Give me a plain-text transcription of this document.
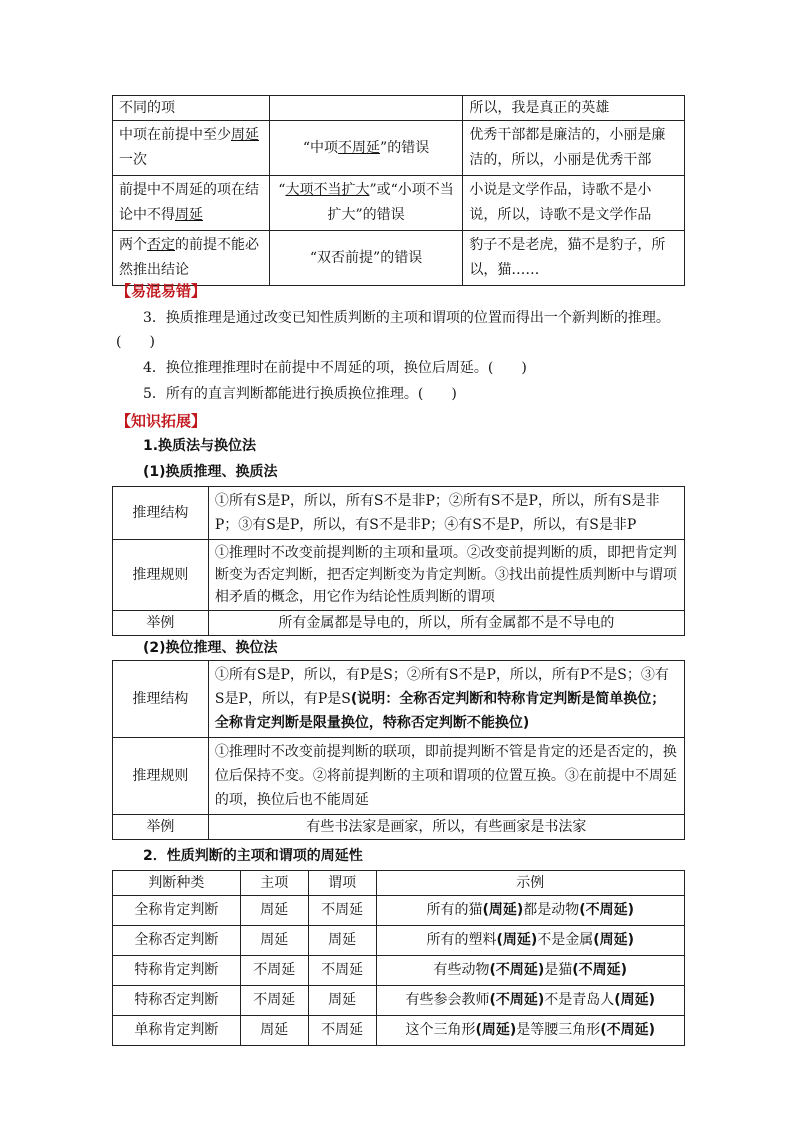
不同的项		所以，我是真正的英雄
中项在前提中至少周延一次	“中项不周延”的错误	优秀干部都是廉洁的，小丽是廉洁的，所以，小丽是优秀干部
前提中不周延的项在结论中不得周延	“大项不当扩大”或“小项不当扩大”的错误	小说是文学作品，诗歌不是小说，所以，诗歌不是文学作品
两个否定的前提不能必然推出结论	“双否前提”的错误	豹子不是老虎，猫不是豹子，所以，猫……
【易混易错】
3．换质推理是通过改变已知性质判断的主项和谓项的位置而得出一个新判断的推理。
(　　)
4．换位推理推理时在前提中不周延的项，换位后周延。(　　)
5．所有的直言判断都能进行换质换位推理。(　　)
【知识拓展】
1.换质法与换位法
(1)换质推理、换质法
推理结构	①所有S是P，所以，所有S不是非P；②所有S不是P，所以，所有S是非P；③有S是P，所以，有S不是非P；④有S不是P，所以，有S是非P
推理规则	①推理时不改变前提判断的主项和量项。②改变前提判断的质，即把肯定判断变为否定判断，把否定判断变为肯定判断。③找出前提性质判断中与谓项相矛盾的概念，用它作为结论性质判断的谓项
举例	所有金属都是导电的，所以，所有金属都不是不导电的
(2)换位推理、换位法
推理结构	①所有S是P，所以，有P是S；②所有S不是P，所以，所有P不是S；③有S是P，所以，有P是S(说明：全称否定判断和特称肯定判断是简单换位；全称肯定判断是限量换位，特称否定判断不能换位)
推理规则	①推理时不改变前提判断的联项，即前提判断不管是肯定的还是否定的，换位后保持不变。②将前提判断的主项和谓项的位置互换。③在前提中不周延的项，换位后也不能周延
举例	有些书法家是画家，所以，有些画家是书法家
2．性质判断的主项和谓项的周延性
判断种类	主项	谓项	示例
全称肯定判断	周延	不周延	所有的猫(周延)都是动物(不周延)
全称否定判断	周延	周延	所有的塑料(周延)不是金属(周延)
特称肯定判断	不周延	不周延	有些动物(不周延)是猫(不周延)
特称否定判断	不周延	周延	有些参会教师(不周延)不是青岛人(周延)
单称肯定判断	周延	不周延	这个三角形(周延)是等腰三角形(不周延)
